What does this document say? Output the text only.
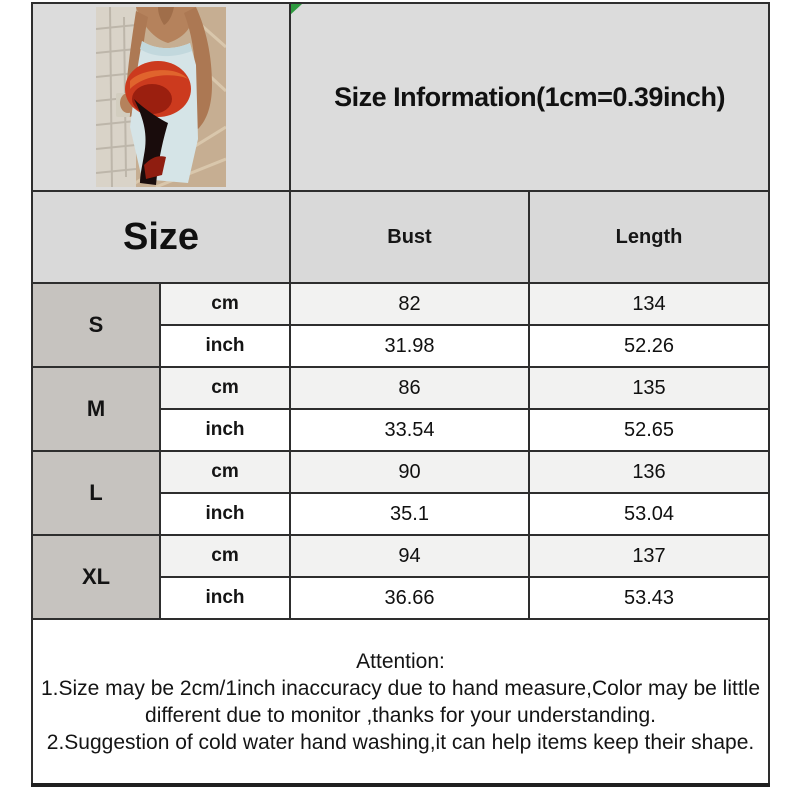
Size Information(1cm=0.39inch)	

Size		Bust	Length
S	cm	82	134
	inch	31.98	52.26
M	cm	86	135
	inch	33.54	52.65
L	cm	90	136
	inch	35.1	53.04
XL	cm	94	137
	inch	36.66	53.43

Attention:
1.Size may be 2cm/1inch inaccuracy due to hand measure,Color may be little different due to monitor ,thanks for your understanding.
2.Suggestion of cold water hand washing,it can help items keep their shape.			
